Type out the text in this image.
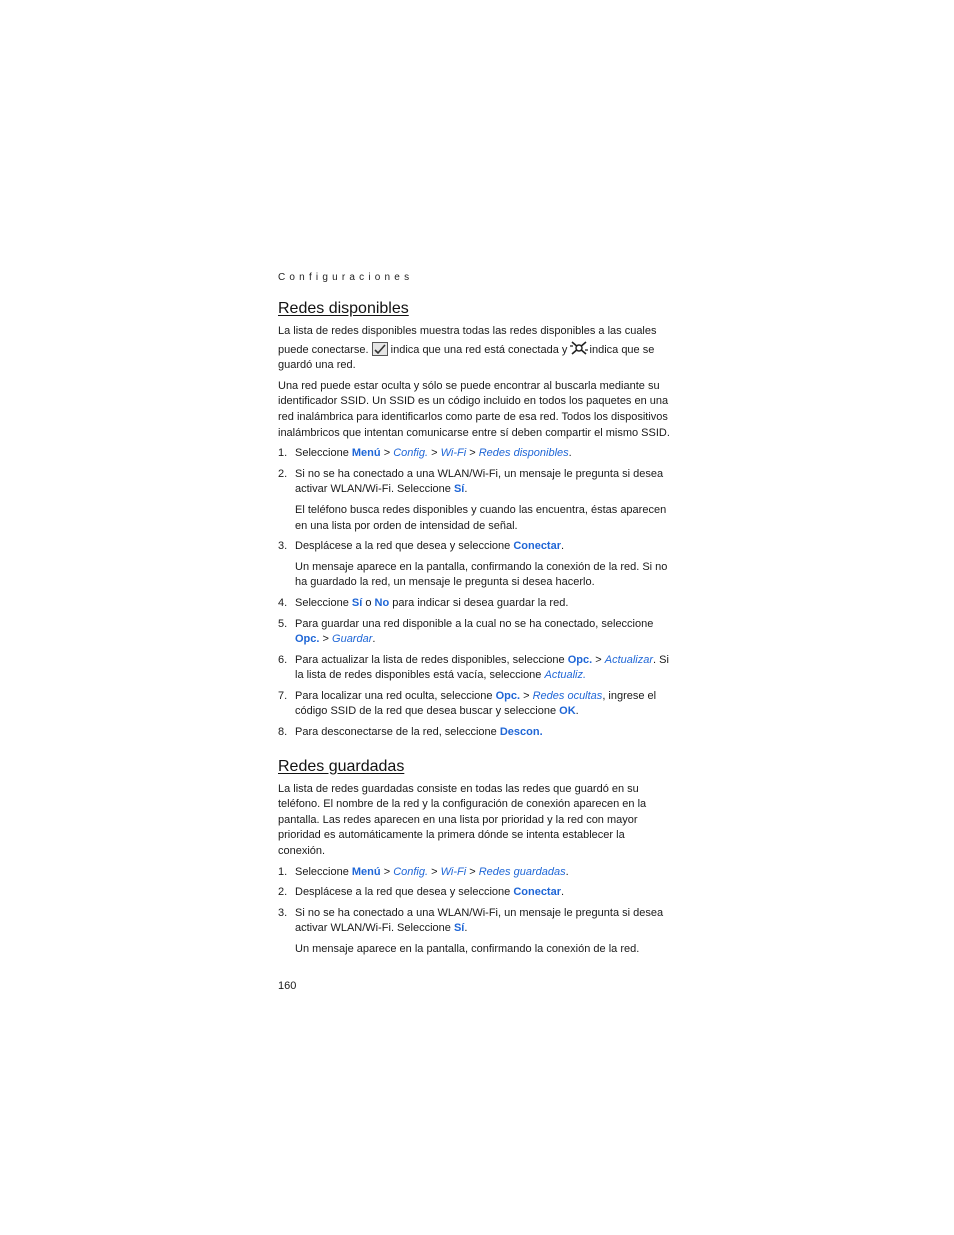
Configuraciones
Redes disponibles

La lista de redes disponibles muestra todas las redes disponibles a las cuales puede conectarse. indica que una red está conectada y indica que se guardó una red.

Una red puede estar oculta y sólo se puede encontrar al buscarla mediante su identificador SSID. Un SSID es un código incluido en todos los paquetes en una red inalámbrica para identificarlos como parte de esa red. Todos los dispositivos inalámbricos que intentan comunicarse entre sí deben compartir el mismo SSID.

1. Seleccione Menú > Config. > Wi-Fi > Redes disponibles.
2. Si no se ha conectado a una WLAN/Wi-Fi, un mensaje le pregunta si desea activar WLAN/Wi-Fi. Seleccione Sí.

El teléfono busca redes disponibles y cuando las encuentra, éstas aparecen en una lista por orden de intensidad de señal.

3. Desplácese a la red que desea y seleccione Conectar.

Un mensaje aparece en la pantalla, confirmando la conexión de la red. Si no ha guardado la red, un mensaje le pregunta si desea hacerlo.

4. Seleccione Sí o No para indicar si desea guardar la red.
5. Para guardar una red disponible a la cual no se ha conectado, seleccione Opc. > Guardar.
6. Para actualizar la lista de redes disponibles, seleccione Opc. > Actualizar. Si la lista de redes disponibles está vacía, seleccione Actualiz.
7. Para localizar una red oculta, seleccione Opc. > Redes ocultas, ingrese el código SSID de la red que desea buscar y seleccione OK.
8. Para desconectarse de la red, seleccione Descon.
Redes guardadas

La lista de redes guardadas consiste en todas las redes que guardó en su teléfono. El nombre de la red y la configuración de conexión aparecen en la pantalla. Las redes aparecen en una lista por prioridad y la red con mayor prioridad es automáticamente la primera dónde se intenta establecer la conexión.

1. Seleccione Menú > Config. > Wi-Fi > Redes guardadas.
2. Desplácese a la red que desea y seleccione Conectar.
3. Si no se ha conectado a una WLAN/Wi-Fi, un mensaje le pregunta si desea activar WLAN/Wi-Fi. Seleccione Sí.

Un mensaje aparece en la pantalla, confirmando la conexión de la red.

160
